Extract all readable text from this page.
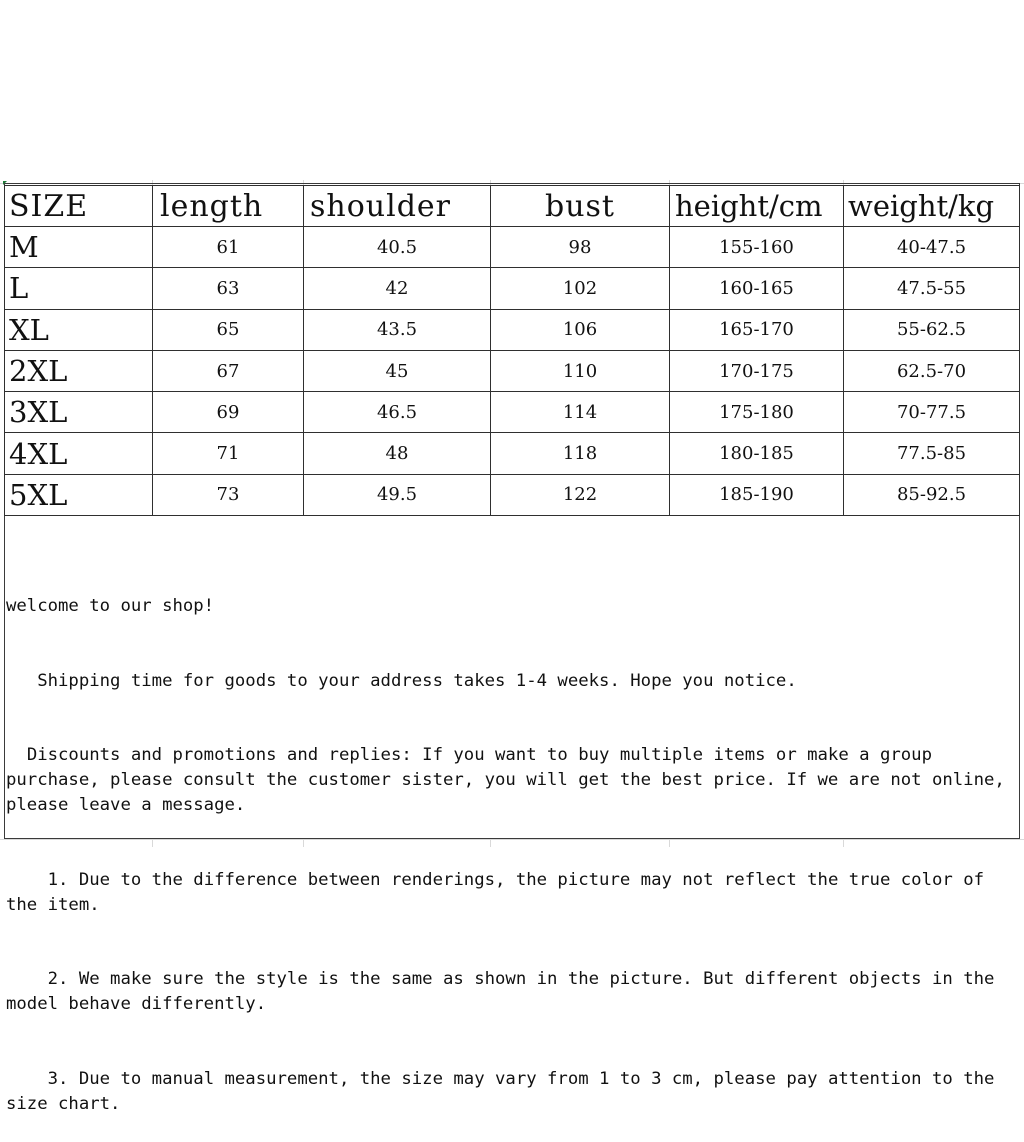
SIZE	length	shoulder	bust	height/cm	weight/kg
M	61	40.5	98	155-160	40-47.5
L	63	42	102	160-165	47.5-55
XL	65	43.5	106	165-170	55-62.5
2XL	67	45	110	170-175	62.5-70
3XL	69	46.5	114	175-180	70-77.5
4XL	71	48	118	180-185	77.5-85
5XL	73	49.5	122	185-190	85-92.5

welcome to our shop!

Shipping time for goods to your address takes 1-4 weeks. Hope you notice.

Discounts and promotions and replies: If you want to buy multiple items or make a group purchase, please consult the customer sister, you will get the best price. If we are not online, please leave a message.

1. Due to the difference between renderings, the picture may not reflect the true color of the item.

2. We make sure the style is the same as shown in the picture. But different objects in the model behave differently.

3. Due to manual measurement, the size may vary from 1 to 3 cm, please pay attention to the size chart.
